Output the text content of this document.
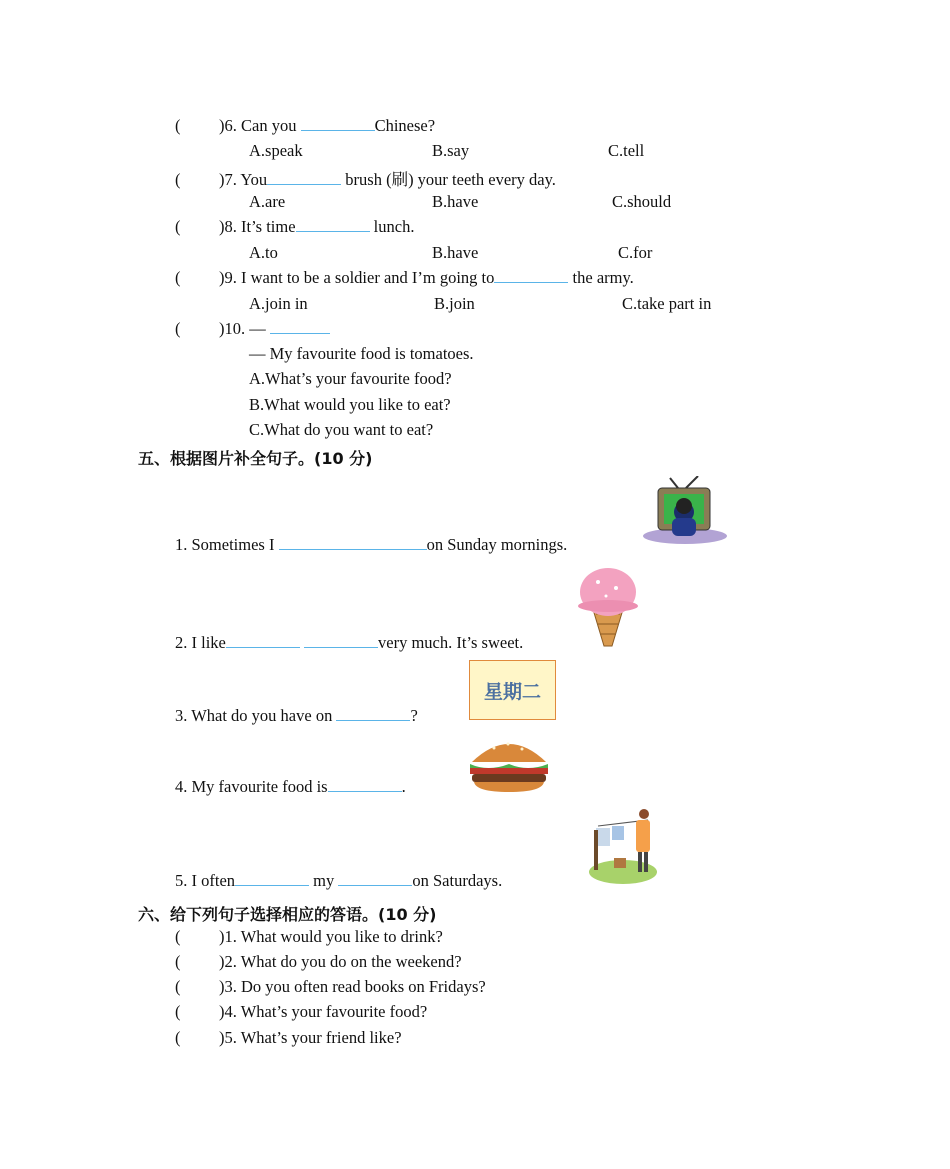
( )6. Can you	Chinese?
A.speak	B.say	C.tell
( )7. You	brush (刷) your teeth every day.
A.are	B.have	C.should
( )8. It’s time	lunch.
A.to	B.have	C.for
( )9. I want to be a soldier and I’m going to	the army.
A.join in	B.join	C.take part in
( )10. —
— My favourite food is tomatoes.
A.What’s your favourite food?
B.What would you like to eat?
C.What do you want to eat?
五、根据图片补全句子。(10 分)
1. Sometimes I	on Sunday mornings.
2. I like	very much. It’s sweet.
3. What do you have on	?
星期二
4. My favourite food is	.
5. I often	my	on Saturdays.
六、给下列句子选择相应的答语。(10 分)
( )1. What would you like to drink?
( )2. What do you do on the weekend?
( )3. Do you often read books on Fridays?
( )4. What’s your favourite food?
( )5. What’s your friend like?
